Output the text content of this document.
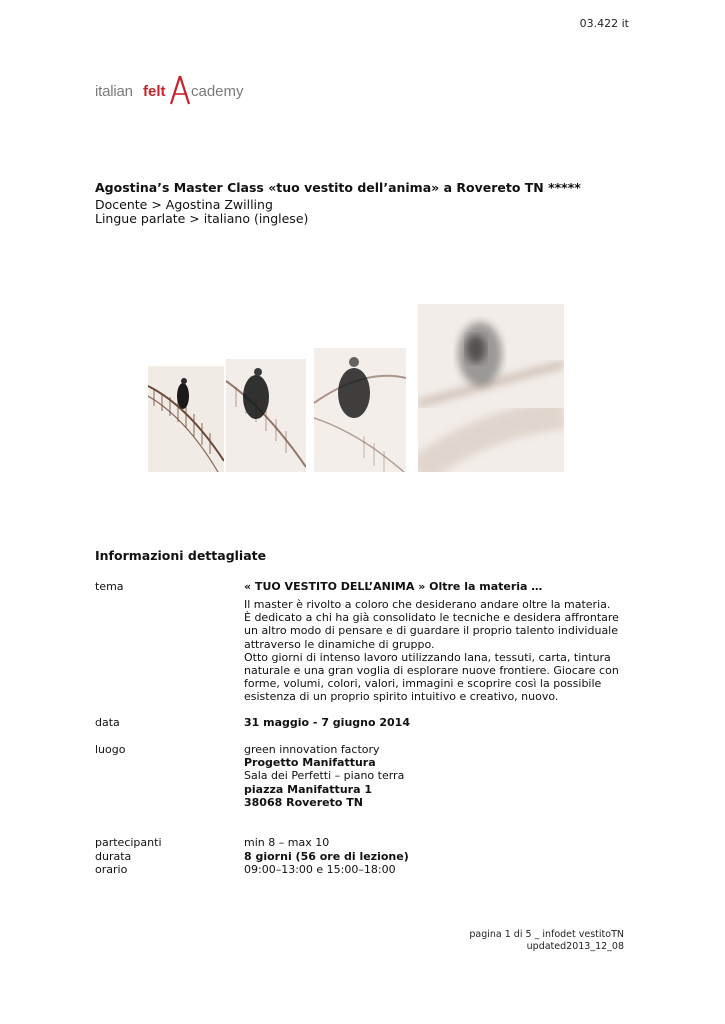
03.422 it
italian felt cademy
Agostina’s Master Class «tuo vestito dell’anima» a Rovereto TN *****
Docente > Agostina Zwilling
Lingue parlate > italiano (inglese)
Informazioni dettagliate
tema	« TUO VESTITO DELL’ANIMA » Oltre la materia …
Il master è rivolto a coloro che desiderano andare oltre la materia.
È dedicato a chi ha già consolidato le tecniche e desidera affrontare
un altro modo di pensare e di guardare il proprio talento individuale
attraverso le dinamiche di gruppo.
Otto giorni di intenso lavoro utilizzando lana, tessuti, carta, tintura
naturale e una gran voglia di esplorare nuove frontiere. Giocare con
forme, volumi, colori, valori, immagini e scoprire così la possibile
esistenza di un proprio spirito intuitivo e creativo, nuovo.
data	31 maggio - 7 giugno 2014
luogo	green innovation factory
Progetto Manifattura
Sala dei Perfetti – piano terra
piazza Manifattura 1
38068 Rovereto TN
partecipanti	min 8 – max 10
durata	8 giorni (56 ore di lezione)
orario	09:00–13:00 e 15:00–18:00
pagina 1 di 5 _ infodet vestitoTN
updated2013_12_08
